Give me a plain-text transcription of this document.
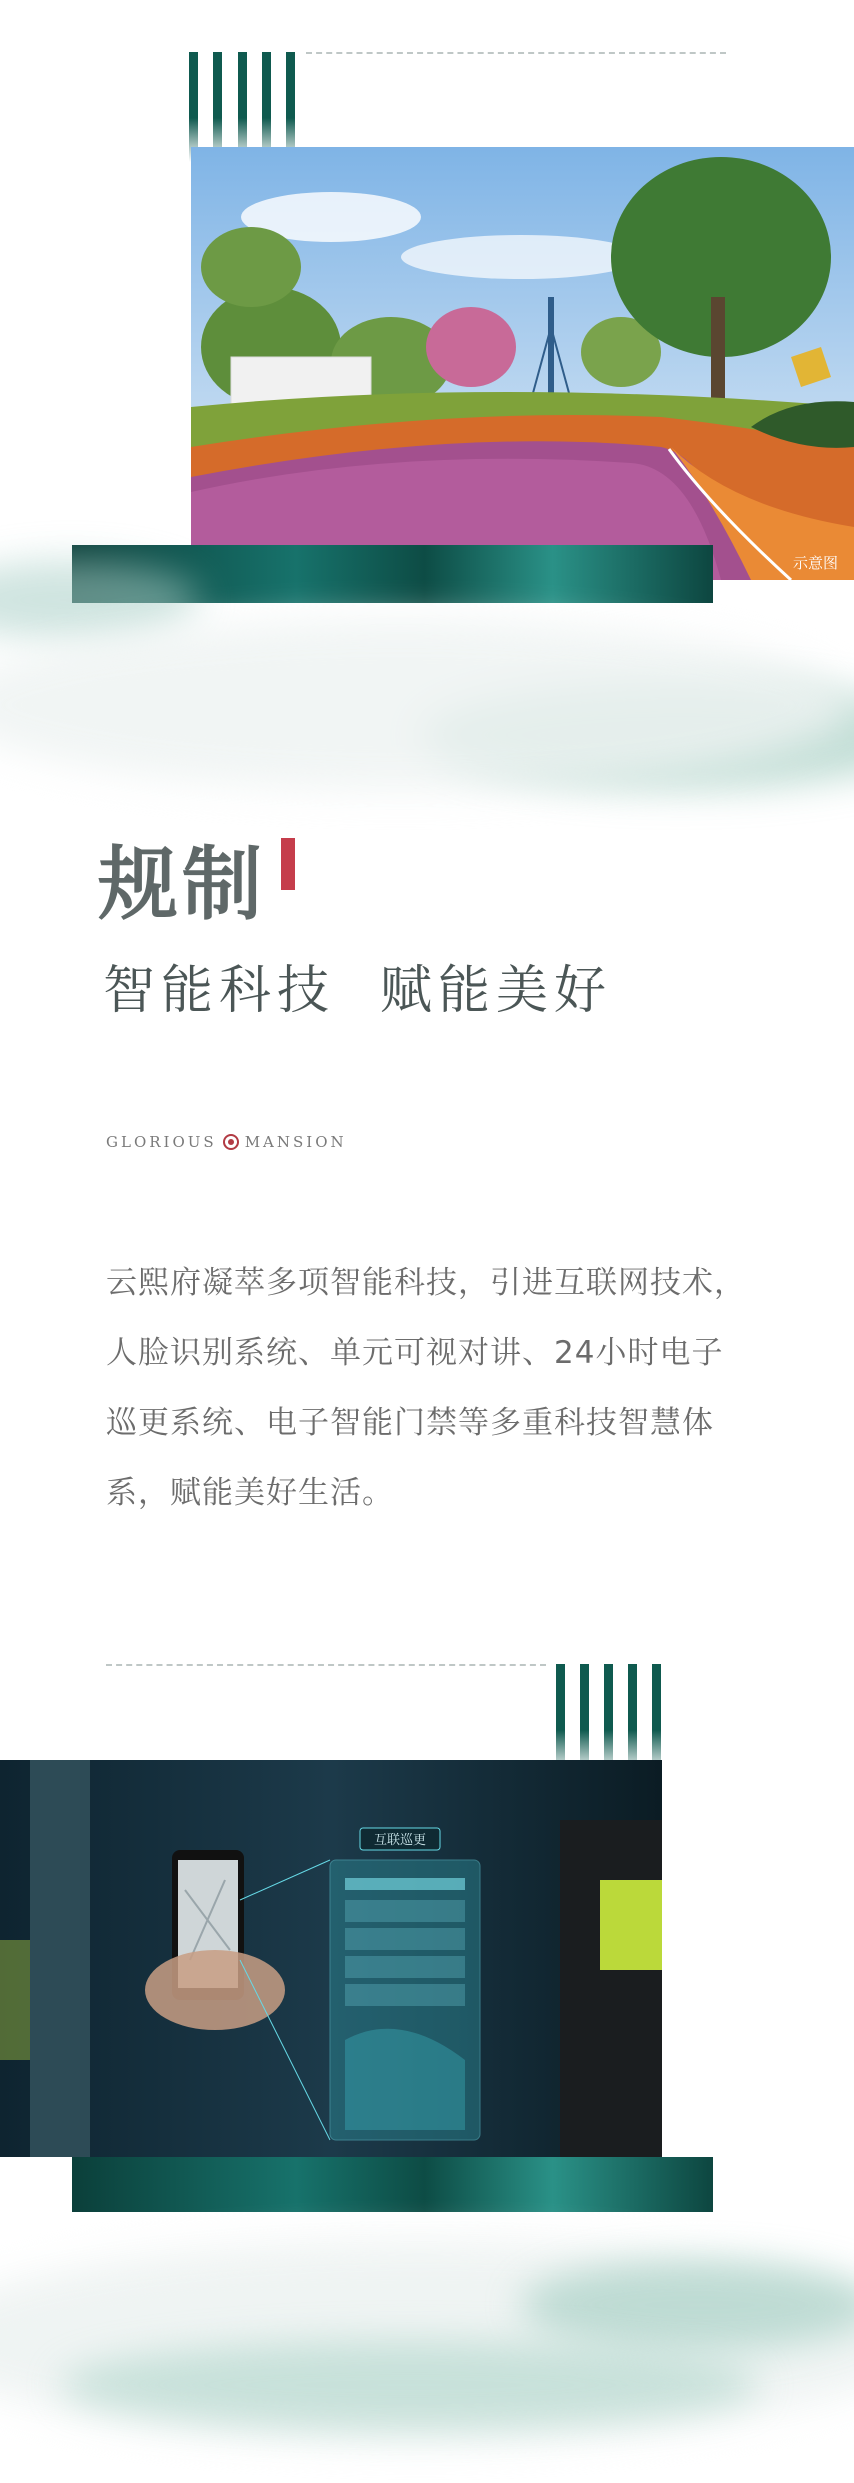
示意图
规制
智能科技  赋能美好
GLORIOUS MANSION
云熙府凝萃多项智能科技，引进互联网技术，人脸识别系统、单元可视对讲、24小时电子巡更系统、电子智能门禁等多重科技智慧体系，赋能美好生活。
互联巡更
示意图
